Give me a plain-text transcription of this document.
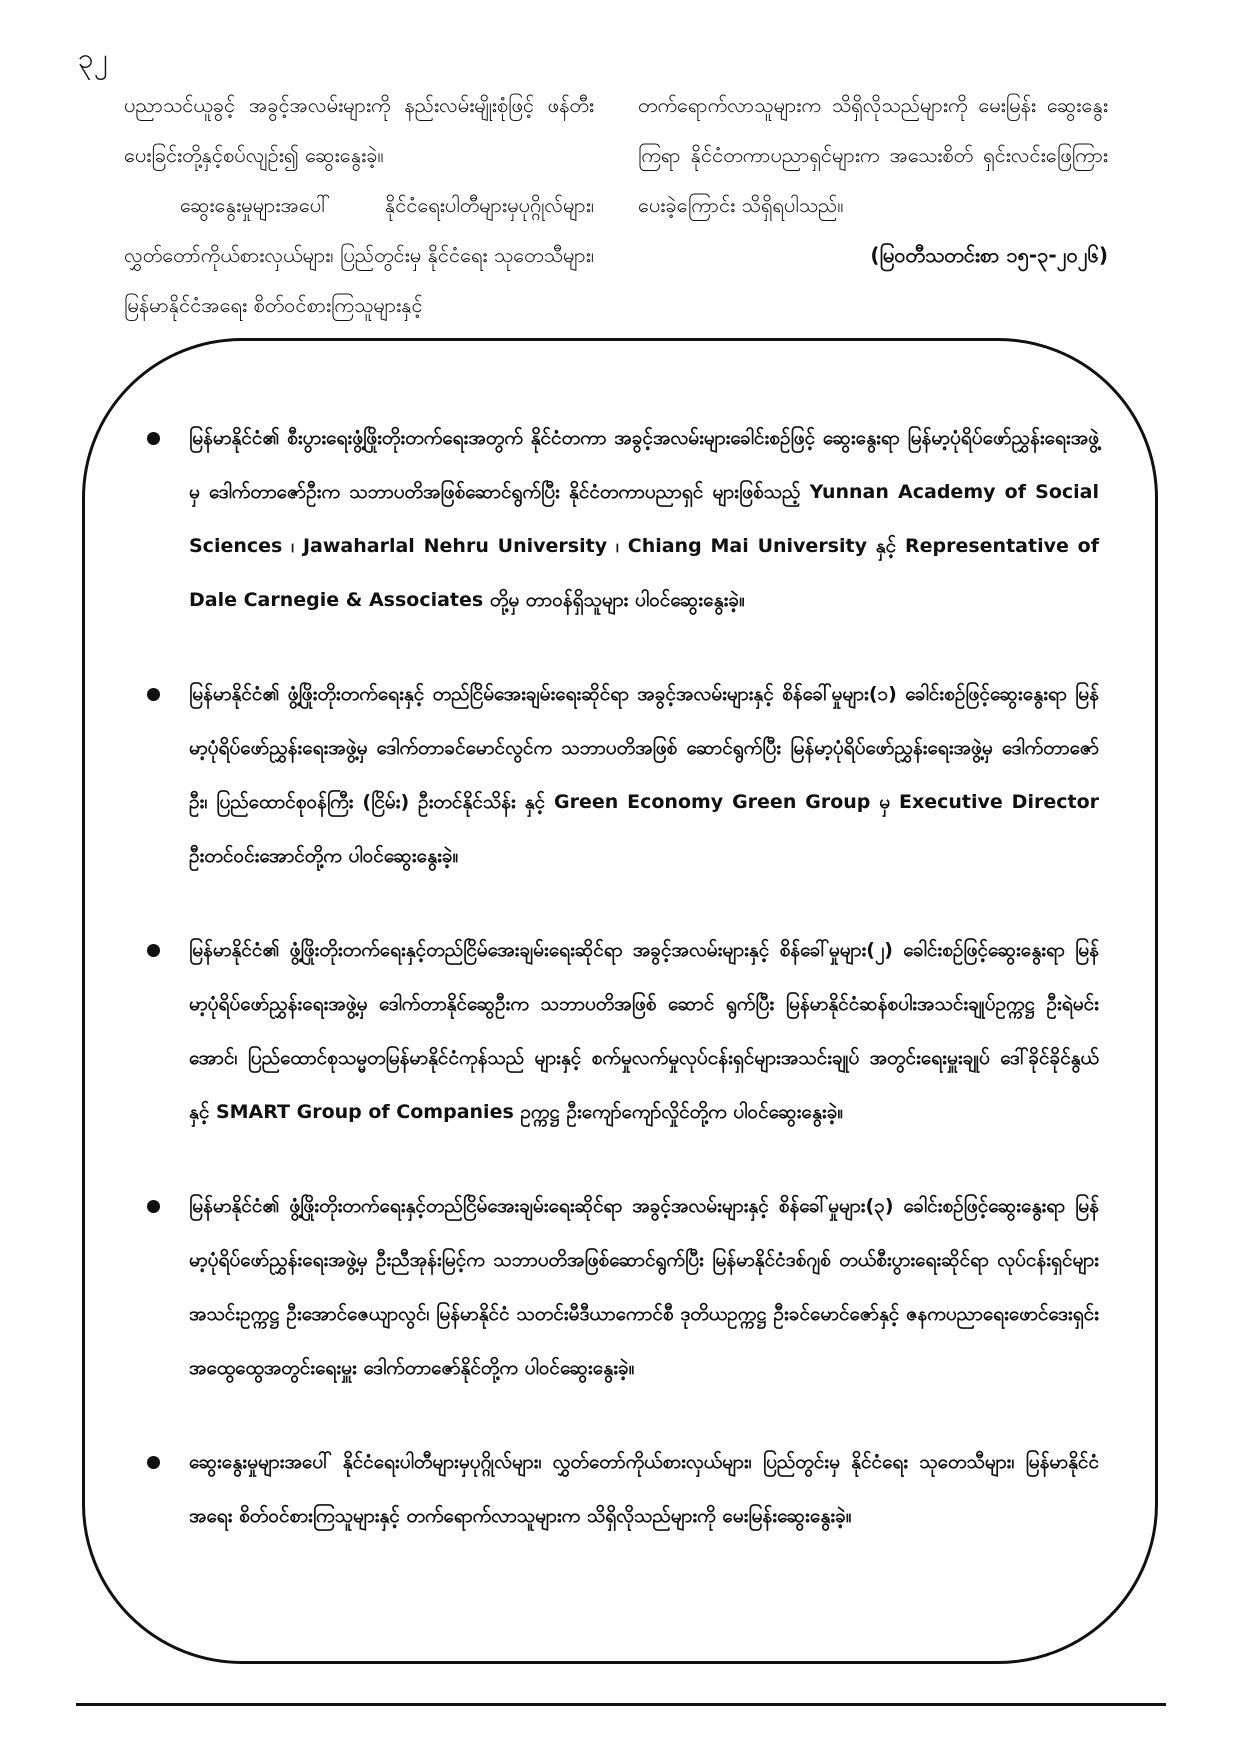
၃၂

ပညာသင်ယူခွင့် အခွင့်အလမ်းများကို နည်းလမ်းမျိုးစုံဖြင့် ဖန်တီးပေးခြင်းတို့နှင့်စပ်လျဉ်း၍ ဆွေးနွေးခဲ့။

ဆွေးနွေးမှုများအပေါ် နိုင်ငံရေးပါတီများမှပုဂ္ဂိုလ်များ၊ လွှတ်တော်ကိုယ်စားလှယ်များ၊ ပြည်တွင်းမှ နိုင်ငံရေး သုတေသီများ၊ မြန်မာနိုင်ငံအရေး စိတ်ဝင်စားကြသူများနှင့်

တက်ရောက်လာသူများက သိရှိလိုသည်များကို မေးမြန်း ဆွေးနွေးကြရာ နိုင်ငံတကာပညာရှင်များက အသေးစိတ် ရှင်းလင်းဖြေကြားပေးခဲ့ကြောင်း သိရှိရပါသည်။

(မြဝတီသတင်းစာ ၁၅-၃-၂၀၂၆)

မြန်မာနိုင်ငံ၏ စီးပွားရေးဖွံ့ဖြိုးတိုးတက်ရေးအတွက် နိုင်ငံတကာ အခွင့်အလမ်းများခေါင်းစဉ်ဖြင့် ဆွေးနွေးရာ မြန်မာ့ပုံရိပ်ဖော်ညွှန်းရေးအဖွဲ့မှ ဒေါက်တာဇော်ဦးက သဘာပတိအဖြစ်ဆောင်ရွက်ပြီး နိုင်ငံတကာပညာရှင် များဖြစ်သည့် Yunnan Academy of Social Sciences ၊ Jawaharlal Nehru University ၊ Chiang Mai University နှင့် Representative of Dale Carnegie & Associates တို့မှ တာဝန်ရှိသူများ ပါဝင်ဆွေးနွေးခဲ့။
မြန်မာနိုင်ငံ၏ ဖွံ့ဖြိုးတိုးတက်ရေးနှင့် တည်ငြိမ်အေးချမ်းရေးဆိုင်ရာ အခွင့်အလမ်းများနှင့် စိန်ခေါ်မှုများ(၁) ခေါင်းစဉ်ဖြင့်ဆွေးနွေးရာ မြန်မာ့ပုံရိပ်ဖော်ညွှန်းရေးအဖွဲ့မှ ဒေါက်တာခင်မောင်လွင်က သဘာပတိအဖြစ် ဆောင်ရွက်ပြီး မြန်မာ့ပုံရိပ်ဖော်ညွှန်းရေးအဖွဲ့မှ ဒေါက်တာဇော်ဦး၊ ပြည်ထောင်စုဝန်ကြီး (ငြိမ်း) ဦးတင်နိုင်သိန်း နှင့် Green Economy Green Group မှ Executive Director ဦးတင်ဝင်းအောင်တို့က ပါဝင်ဆွေးနွေးခဲ့။
မြန်မာနိုင်ငံ၏ ဖွံ့ဖြိုးတိုးတက်ရေးနှင့်တည်ငြိမ်အေးချမ်းရေးဆိုင်ရာ အခွင့်အလမ်းများနှင့် စိန်ခေါ်မှုများ(၂) ခေါင်းစဉ်ဖြင့်ဆွေးနွေးရာ မြန်မာ့ပုံရိပ်ဖော်ညွှန်းရေးအဖွဲ့မှ ဒေါက်တာနိုင်ဆွေဦးက သဘာပတိအဖြစ် ဆောင် ရွက်ပြီး မြန်မာနိုင်ငံဆန်စပါးအသင်းချုပ်ဥက္ကဋ္ဌ ဦးရဲမင်းအောင်၊ ပြည်ထောင်စုသမ္မတမြန်မာနိုင်ငံကုန်သည် များနှင့် စက်မှုလက်မှုလုပ်ငန်းရှင်များအသင်းချုပ် အတွင်းရေးမှူးချုပ် ဒေါ်ခိုင်ခိုင်နွယ်နှင့် SMART Group of Companies ဥက္ကဋ္ဌ ဦးကျော်ကျော်လှိုင်တို့က ပါဝင်ဆွေးနွေးခဲ့။
မြန်မာနိုင်ငံ၏ ဖွံ့ဖြိုးတိုးတက်ရေးနှင့်တည်ငြိမ်အေးချမ်းရေးဆိုင်ရာ အခွင့်အလမ်းများနှင့် စိန်ခေါ်မှုများ(၃) ခေါင်းစဉ်ဖြင့်ဆွေးနွေးရာ မြန်မာ့ပုံရိပ်ဖော်ညွှန်းရေးအဖွဲ့မှ ဦးညီအုန်းမြင့်က သဘာပတိအဖြစ်ဆောင်ရွက်ပြီး မြန်မာနိုင်ငံဒစ်ဂျစ် တယ်စီးပွားရေးဆိုင်ရာ လုပ်ငန်းရှင်များအသင်းဥက္ကဋ္ဌ ဦးအောင်ဇေယျာလွင်၊ မြန်မာနိုင်ငံ သတင်းမီဒီယာကောင်စီ ဒုတိယဥက္ကဋ္ဌ ဦးခင်မောင်ဇော်နှင့် ဇနကပညာရေးဖောင်ဒေးရှင်း အထွေထွေအတွင်းရေးမှူး ဒေါက်တာဇော်နိုင်တို့က ပါဝင်ဆွေးနွေးခဲ့။
ဆွေးနွေးမှုများအပေါ် နိုင်ငံရေးပါတီများမှပုဂ္ဂိုလ်များ၊ လွှတ်တော်ကိုယ်စားလှယ်များ၊ ပြည်တွင်းမှ နိုင်ငံရေး သုတေသီများ၊ မြန်မာနိုင်ငံအရေး စိတ်ဝင်စားကြသူများနှင့် တက်ရောက်လာသူများက သိရှိလိုသည်များကို မေးမြန်းဆွေးနွေးခဲ့။
